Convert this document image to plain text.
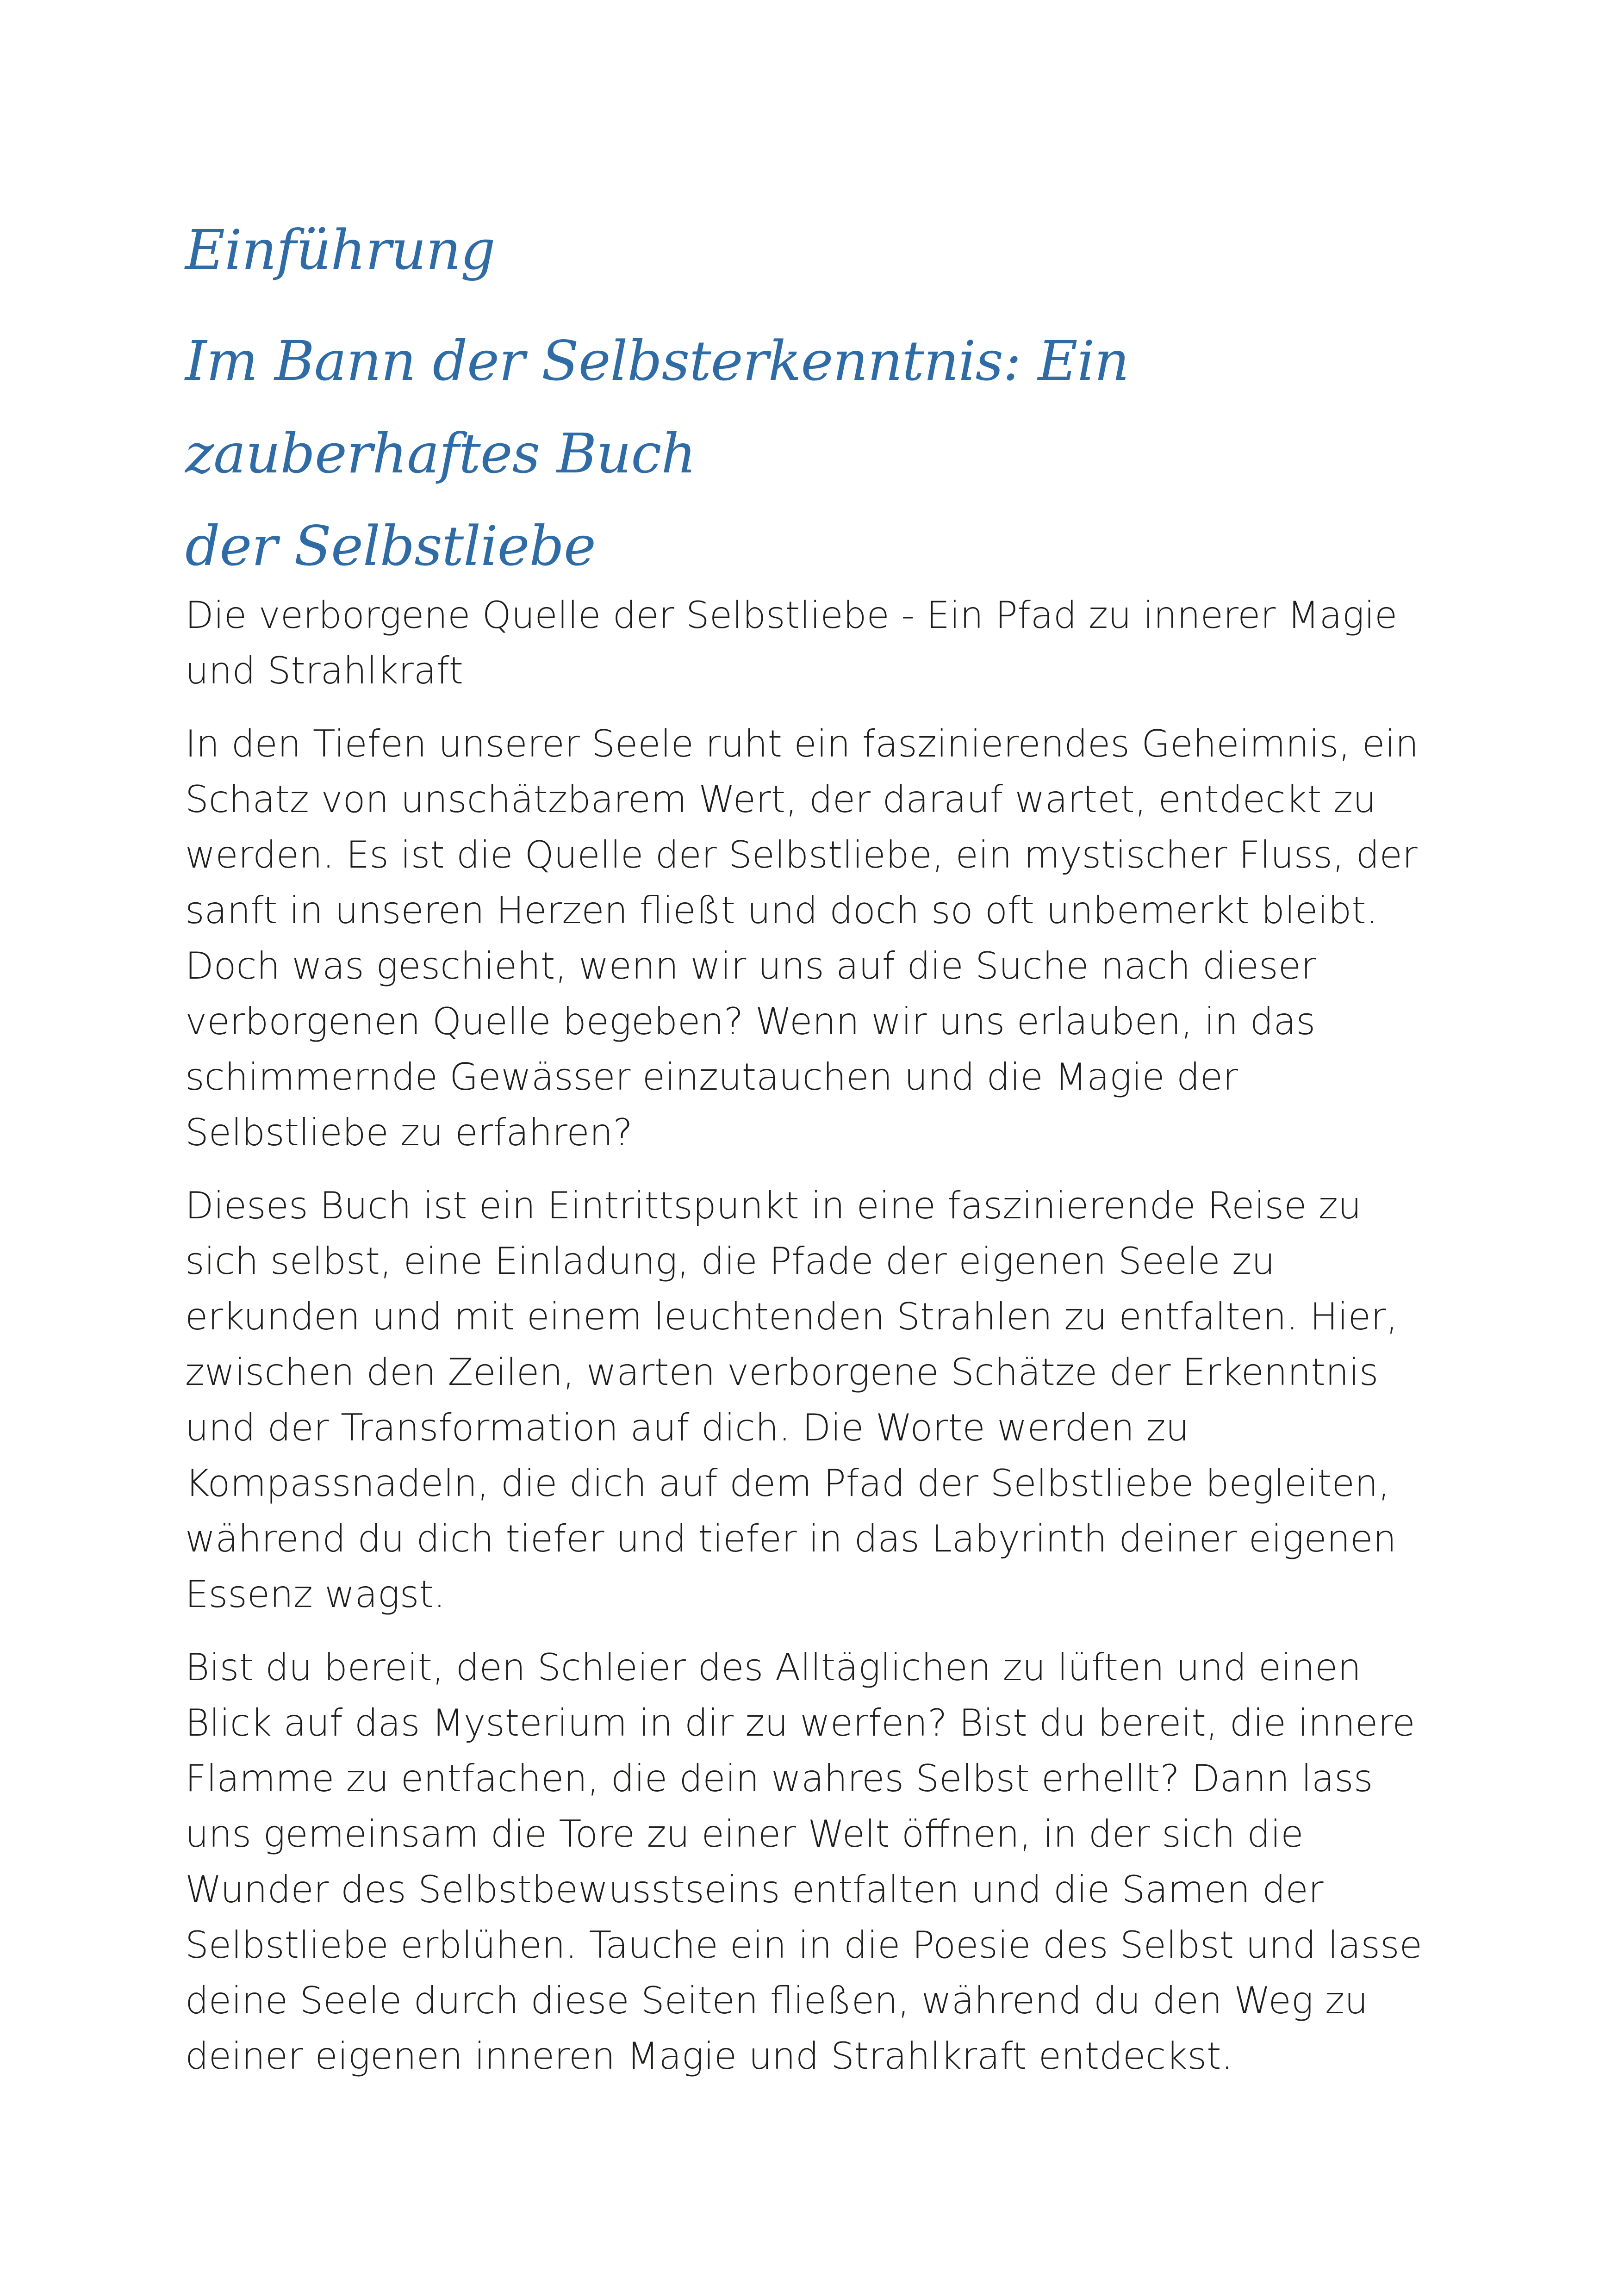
Einführung
Im Bann der Selbsterkenntnis: Ein zauberhaftes Buch
der Selbstliebe

Die verborgene Quelle der Selbstliebe - Ein Pfad zu innerer Magie und Strahlkraft

In den Tiefen unserer Seele ruht ein faszinierendes Geheimnis, ein Schatz von unschätzbarem Wert, der darauf wartet, entdeckt zu werden. Es ist die Quelle der Selbstliebe, ein mystischer Fluss, der sanft in unseren Herzen fließt und doch so oft unbemerkt bleibt. Doch was geschieht, wenn wir uns auf die Suche nach dieser verborgenen Quelle begeben? Wenn wir uns erlauben, in das schimmernde Gewässer einzutauchen und die Magie der Selbstliebe zu erfahren?

Dieses Buch ist ein Eintrittspunkt in eine faszinierende Reise zu sich selbst, eine Einladung, die Pfade der eigenen Seele zu erkunden und mit einem leuchtenden Strahlen zu entfalten. Hier, zwischen den Zeilen, warten verborgene Schätze der Erkenntnis und der Transformation auf dich. Die Worte werden zu Kompassnadeln, die dich auf dem Pfad der Selbstliebe begleiten, während du dich tiefer und tiefer in das Labyrinth deiner eigenen Essenz wagst.

Bist du bereit, den Schleier des Alltäglichen zu lüften und einen Blick auf das Mysterium in dir zu werfen? Bist du bereit, die innere Flamme zu entfachen, die dein wahres Selbst erhellt? Dann lass uns gemeinsam die Tore zu einer Welt öffnen, in der sich die Wunder des Selbstbewusstseins entfalten und die Samen der Selbstliebe erblühen. Tauche ein in die Poesie des Selbst und lasse deine Seele durch diese Seiten fließen, während du den Weg zu deiner eigenen inneren Magie und Strahlkraft entdeckst.
